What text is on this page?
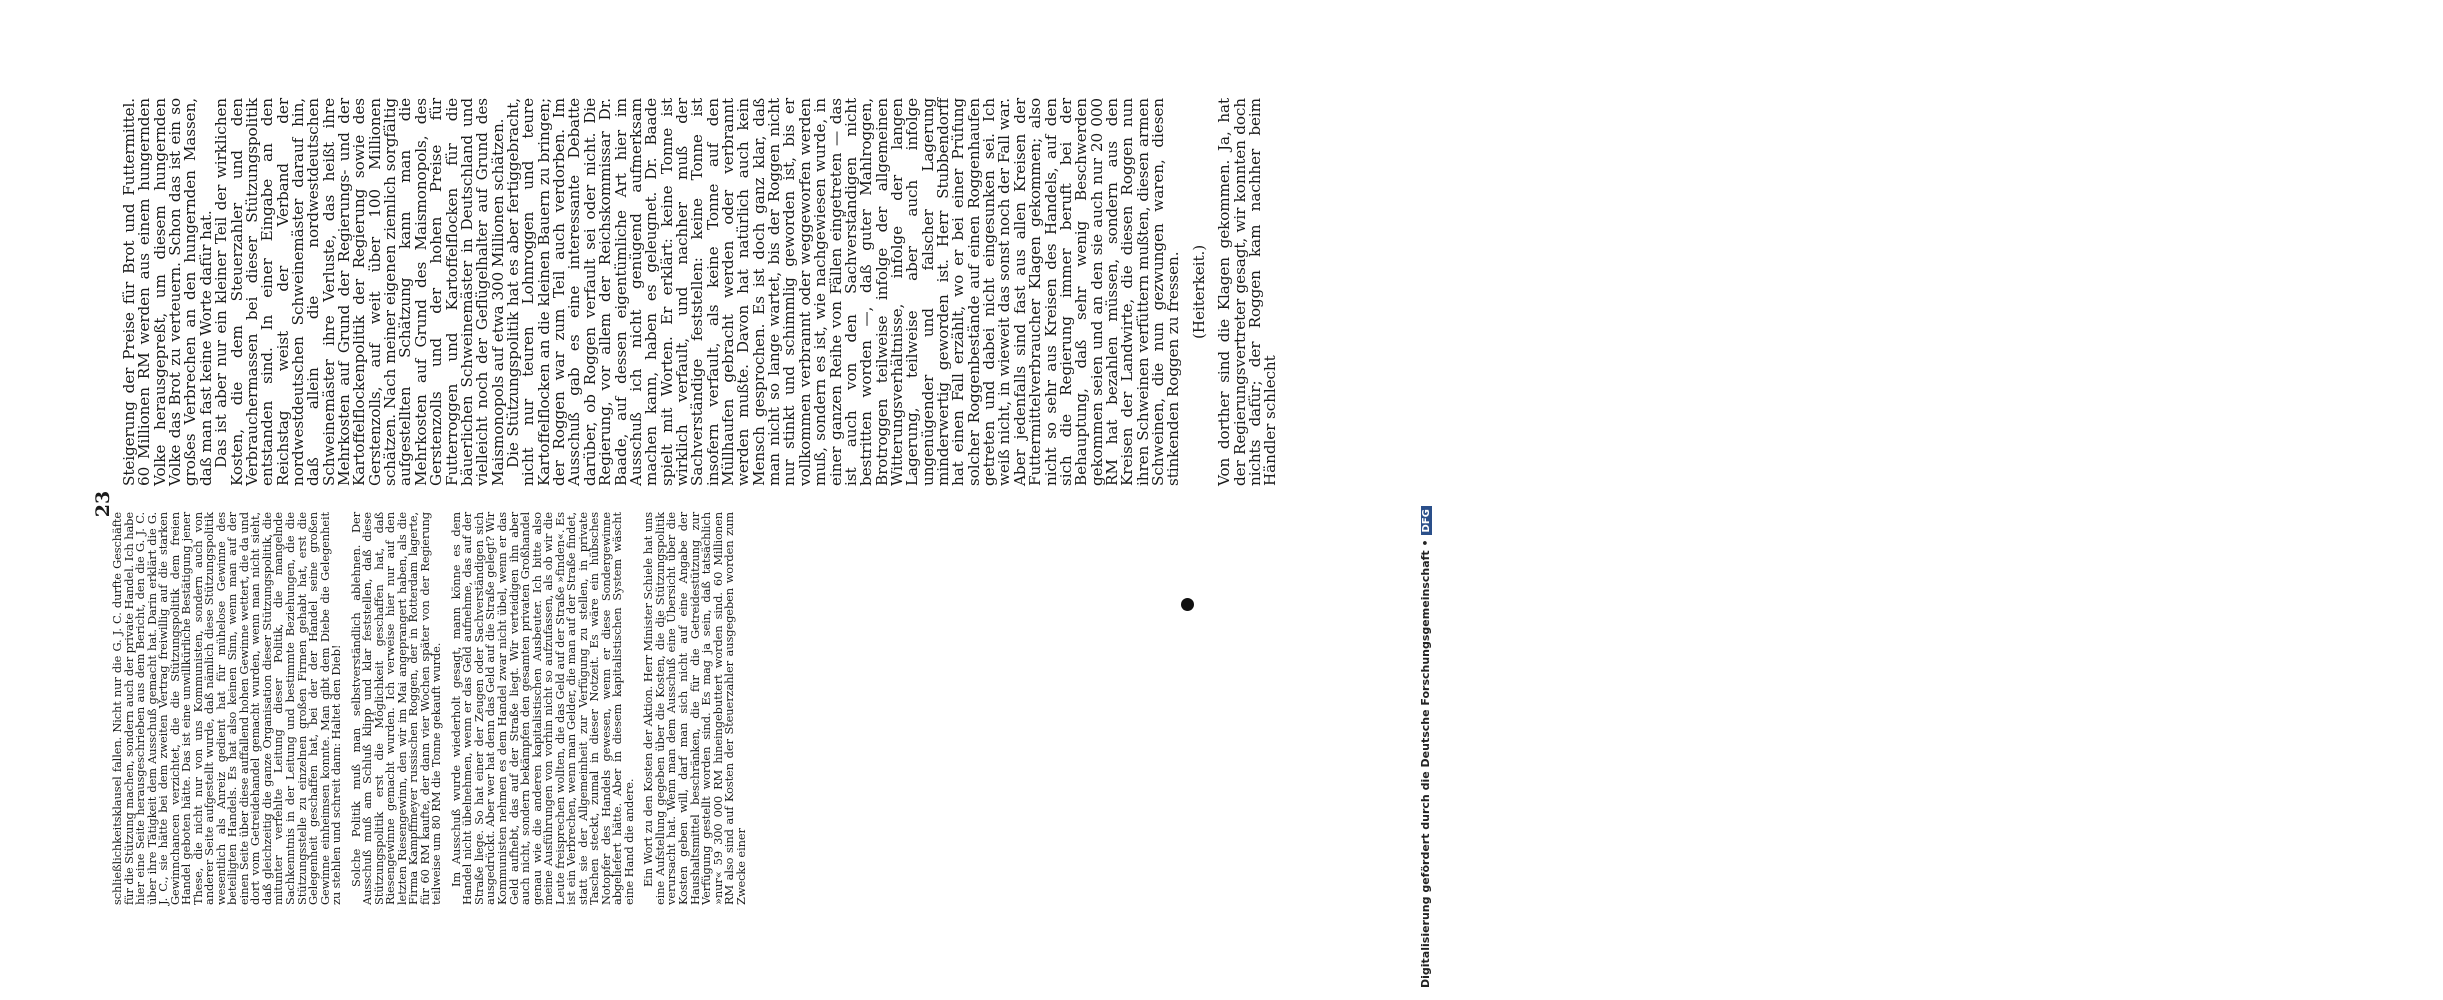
23

schließlichkeitsklausel fallen. Nicht nur die G. J. C. durfte Geschäfte für die Stützung machen, sondern auch der private Handel. Ich habe hier eine Seite herausgeschrieben aus dem Bericht, den die G. J. C. über ihre Tätigkeit dem Ausschuß gemacht hat. Darin erklärt die G. J. C., sie hätte bei dem zweiten Vertrag freiwillig auf die starken Gewinnchancen verzichtet, die die Stützungspolitik dem freien Handel geboten hätte. Das ist eine unwillkürliche Bestätigung jener These, die nicht nur von uns Kommunisten, sondern auch von anderer Seite aufgestellt wurde, daß nämlich diese Stützungspolitik wesentlich als Anreiz gedient hat für mühelose Gewinne des beteiligten Handels. Es hat also keinen Sinn, wenn man auf der einen Seite über diese auffallend hohen Gewinne wettert, die da und dort vom Getreidehandel gemacht wurden, wenn man nicht sieht, daß gleichzeitig die ganze Organisation dieser Stützungspolitik, die mitunter verfehlte Leitung dieser Politik, die mangelnde Sachkenntnis in der Leitung und bestimmte Beziehungen, die die Stützungsstelle zu einzelnen großen Firmen gehabt hat, erst die Gelegenheit geschaffen hat, bei der der Handel seine großen Gewinne einheimsen konnte. Man gibt dem Diebe die Gelegenheit zu stehlen und schreit dann: Haltet den Dieb! Solche Politik muß man selbstverständlich ablehnen. Der Ausschuß muß am Schluß klipp und klar feststellen, daß diese Stützungspolitik erst die Möglichkeit geschaffen hat, daß Riesengewinne gemacht wurden. Ich verweise hier nur auf den letzten Riesengewinn, den wir im Mai angeprangert haben, als die Firma Kampffmeyer russischen Roggen, der in Rotterdam lagerte, für 60 RM kaufte, der dann vier Wochen später von der Regierung teilweise um 80 RM die Tonne gekauft wurde. Im Ausschuß wurde wiederholt gesagt, mann könne es dem Handel nicht übelnehmen, wenn er das Geld aufnehme, das auf der Straße liege. So hat einer der Zeugen oder Sachverständigen sich ausgedrückt. Aber wer hat denn das Geld auf die Straße gelegt? Wir Kommunisten nehmen es dem Handel zwar nicht übel, wenn er das Geld aufhebt, das auf der Straße liegt. Wir verteidigen ihn aber auch nicht, sondern bekämpfen den gesamten privaten Großhandel genau wie die anderen kapitalistischen Ausbeuter. Ich bitte also meine Ausführungen von vorhin nicht so aufzufassen, als ob wir die Leute freisprechen wollten, die das Geld auf der Straße »finden«. Es ist ein Verbrechen, wenn man Gelder, die man auf der Straße findet, statt sie der Allgemeinheit zur Verfügung zu stellen, in private Taschen steckt, zumal in dieser Notzeit. Es wäre ein hübsches Notopfer des Handels gewesen, wenn er diese Sondergewinne abgeliefert hätte. Aber in diesem kapitalistischen System wäscht eine Hand die andere. Ein Wort zu den Kosten der Aktion. Herr Minister Schiele hat uns eine Aufstellung gegeben über die Kosten, die die Stützungspolitik verursacht hat. Wenn man dem Ausschuß eine Übersicht über die Kosten geben will, darf man sich nicht auf eine Angabe der Haushaltsmittel beschränken, die für die Getreidestützung zur Verfügung gestellt worden sind. Es mag ja sein, daß tatsächlich »nur« 59 300 000 RM hineingebuttert worden sind. 60 Millionen RM also sind auf Kosten der Steuerzahler ausgegeben worden zum Zwecke einer

Steigerung der Preise für Brot und Futtermittel. 60 Millionen RM werden aus einem hungernden Volke herausgepreßt, um diesem hungernden Volke das Brot zu verteuern. Schon das ist ein so großes Verbrechen an den hungernden Massen, daß man fast keine Worte dafür hat.

Das ist aber nur ein kleiner Teil der wirklichen Kosten, die dem Steuerzahler und den Verbrauchermassen bei dieser Stützungspolitik entstanden sind. In einer Eingabe an den Reichstag weist der Verband der nordwestdeutschen Schweinemäster darauf hin, daß allein die nordwestdeutschen Schweinemäster ihre Verluste, das heißt ihre Mehrkosten auf Grund der Regierungs- und der Kartoffelflockenpolitik der Regierung sowie des Gerstenzolls, auf weit über 100 Millionen schätzen. Nach meiner eigenen ziemlich sorgfältig aufgestellten Schätzung kann man die Mehrkosten auf Grund des Maismonopols, des Gerstenzolls und der hohen Preise für Futterroggen und Kartoffelflocken für die bäuerlichen Schweinemäster in Deutschland und vielleicht noch der Geflügelhalter auf Grund des Maismonopols auf etwa 300 Millionen schätzen.

Die Stützungspolitik hat es aber fertiggebracht, nicht nur teuren Lohnroggen und teure Kartoffelflocken an die kleinen Bauern zu bringen; der Roggen war zum Teil auch verdorben. Im Ausschuß gab es eine interessante Debatte darüber, ob Roggen verfault sei oder nicht. Die Regierung, vor allem der Reichskommissar Dr. Baade, auf dessen eigentümliche Art hier im Ausschuß ich nicht genügend aufmerksam machen kann, haben es geleugnet. Dr. Baade spielt mit Worten. Er erklärt: keine Tonne ist wirklich verfault, und nachher muß der Sachverständige feststellen: keine Tonne ist insofern verfault, als keine Tonne auf den Müllhaufen gebracht werden oder verbrannt werden mußte. Davon hat natürlich auch kein Mensch gesprochen. Es ist doch ganz klar, daß man nicht so lange wartet, bis der Roggen nicht nur stinkt und schimmlig geworden ist, bis er vollkommen verbrannt oder weggeworfen werden muß, sondern es ist, wie nachgewiesen wurde, in einer ganzen Reihe von Fällen eingetreten — das ist auch von den Sachverständigen nicht bestritten worden —, daß guter Mahlroggen, Brotroggen teilweise infolge der allgemeinen Witterungsverhältnisse, infolge der langen Lagerung, teilweise aber auch infolge ungenügender und falscher Lagerung minderwertig geworden ist. Herr Stubbendorff hat einen Fall erzählt, wo er bei einer Prüfung solcher Roggenbestände auf einen Roggenhaufen getreten und dabei nicht eingesunken sei. Ich weiß nicht, in wieweit das sonst noch der Fall war. Aber jedenfalls sind fast aus allen Kreisen der Futtermittelverbraucher Klagen gekommen; also nicht so sehr aus Kreisen des Handels, auf den sich die Regierung immer beruft bei der Behauptung, daß sehr wenig Beschwerden gekommen seien und an den sie auch nur 20 000 RM hat bezahlen müssen, sondern aus den Kreisen der Landwirte, die diesen Roggen nun ihren Schweinen verfüttern mußten, diesen armen Schweinen, die nun gezwungen waren, diesen stinkenden Roggen zu fressen. (Heiterkeit.) Von dorther sind die Klagen gekommen. Ja, hat der Regierungsvertreter gesagt, wir konnten doch nichts dafür; der Roggen kam nachher beim Händler schlecht

Digitalisierung gefördert durch die Deutsche Forschungsgemeinschaft •DFG
